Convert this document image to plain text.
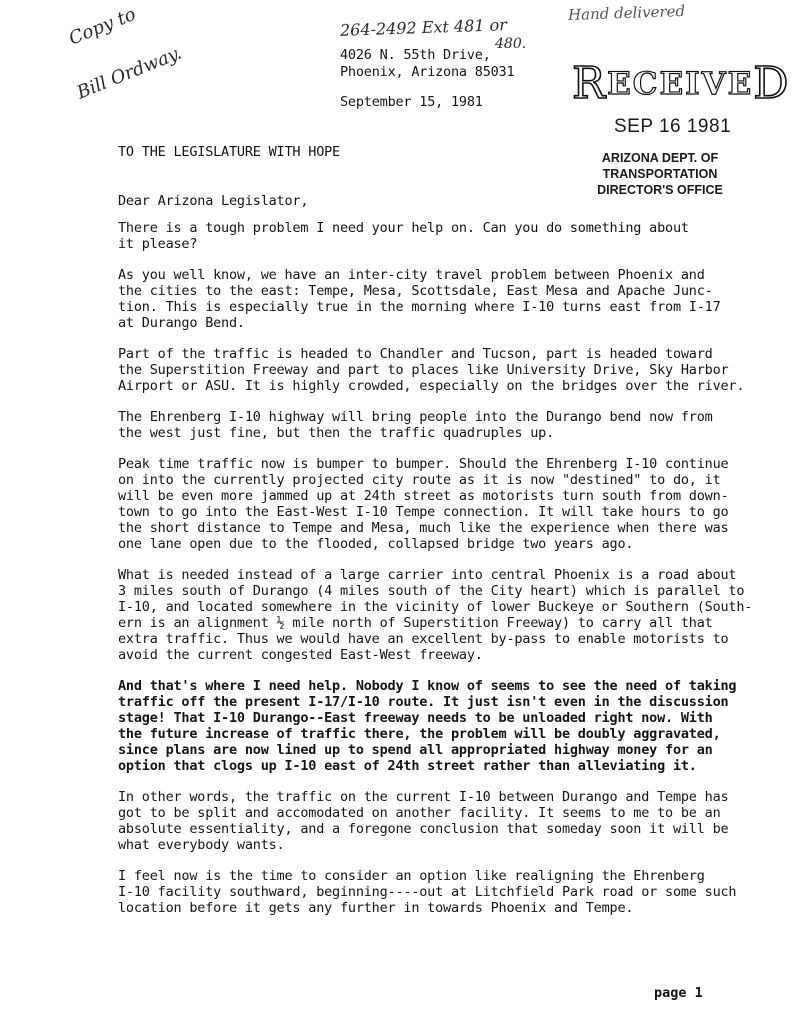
Hand delivered
Copy to
Bill Ordway.
264-2492 Ext 481 or
480.
4026 N. 55th Drive,
Phoenix, Arizona 85031
September 15, 1981 R ECEIVE D
SEP 16 1981
ARIZONA DEPT. OF TRANSPORTATION
DIRECTOR'S OFFICE
TO THE LEGISLATURE WITH HOPE
Dear Arizona Legislator,
There is a tough problem I need your help on. Can you do something about
it please?
As you well know, we have an inter-city travel problem between Phoenix and
the cities to the east: Tempe, Mesa, Scottsdale, East Mesa and Apache Junc-
tion. This is especially true in the morning where I-10 turns east from I-17
at Durango Bend.
Part of the traffic is headed to Chandler and Tucson, part is headed toward
the Superstition Freeway and part to places like University Drive, Sky Harbor
Airport or ASU. It is highly crowded, especially on the bridges over the river.
The Ehrenberg I-10 highway will bring people into the Durango bend now from
the west just fine, but then the traffic quadruples up.
Peak time traffic now is bumper to bumper. Should the Ehrenberg I-10 continue
on into the currently projected city route as it is now "destined" to do, it
will be even more jammed up at 24th street as motorists turn south from down-
town to go into the East-West I-10 Tempe connection. It will take hours to go
the short distance to Tempe and Mesa, much like the experience when there was
one lane open due to the flooded, collapsed bridge two years ago.
What is needed instead of a large carrier into central Phoenix is a road about
3 miles south of Durango (4 miles south of the City heart) which is parallel to
I-10, and located somewhere in the vicinity of lower Buckeye or Southern (South-
ern is an alignment ½ mile north of Superstition Freeway) to carry all that
extra traffic. Thus we would have an excellent by-pass to enable motorists to
avoid the current congested East-West freeway.
And that's where I need help. Nobody I know of seems to see the need of taking
traffic off the present I-17/I-10 route. It just isn't even in the discussion
stage! That I-10 Durango--East freeway needs to be unloaded right now. With
the future increase of traffic there, the problem will be doubly aggravated,
since plans are now lined up to spend all appropriated highway money for an
option that clogs up I-10 east of 24th street rather than alleviating it.
In other words, the traffic on the current I-10 between Durango and Tempe has
got to be split and accomodated on another facility. It seems to me to be an
absolute essentiality, and a foregone conclusion that someday soon it will be
what everybody wants.
I feel now is the time to consider an option like realigning the Ehrenberg
I-10 facility southward, beginning----out at Litchfield Park road or some such
location before it gets any further in towards Phoenix and Tempe.
page 1
